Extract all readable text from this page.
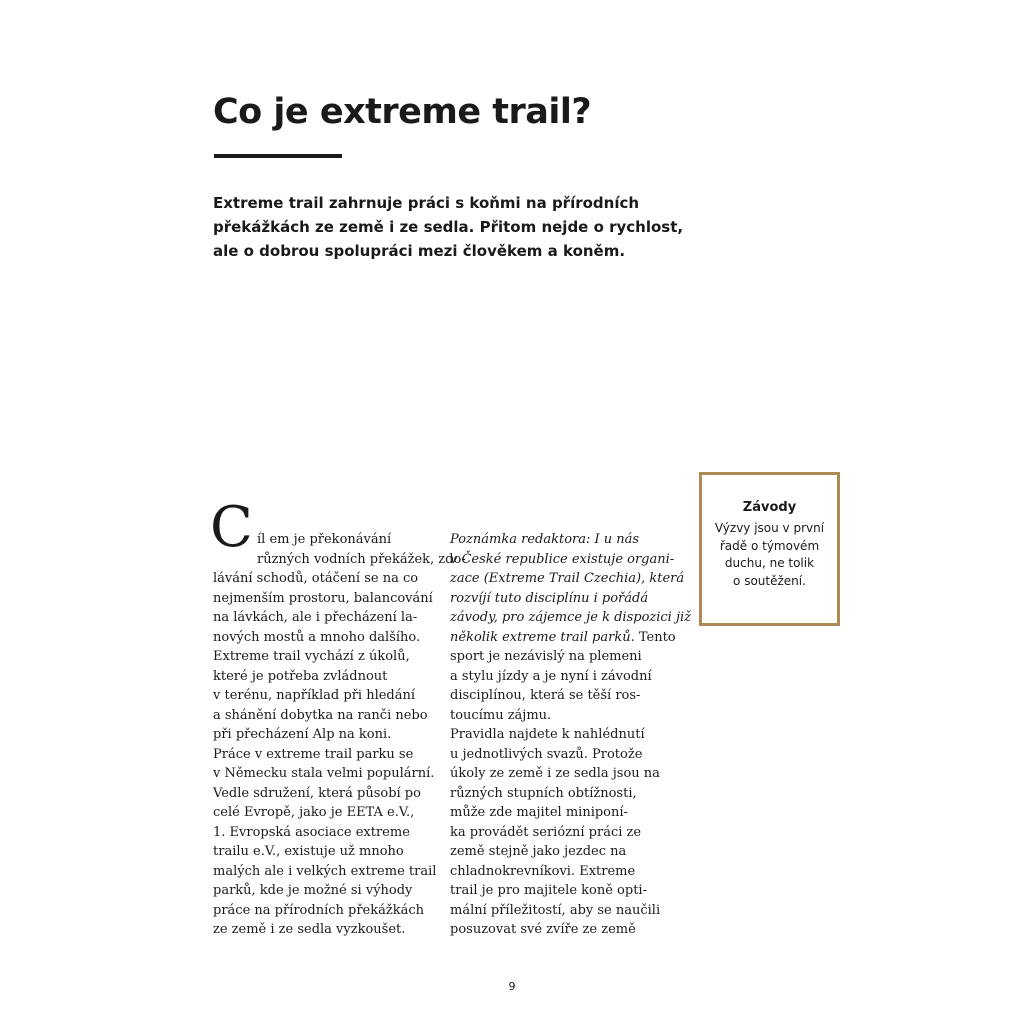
Co je extreme trail?
Extreme trail zahrnuje práci s koňmi na přírodních
překážkách ze země i ze sedla. Přitom nejde o rychlost,
ale o dobrou spolupráci mezi člověkem a koněm.
C íl em je překonávání
různých vodních překážek, zdo-
lávání schodů, otáčení se na co
nejmenším prostoru, balancování
na lávkách, ale i přecházení la-
nových mostů a mnoho dalšího.
Extreme trail vychází z úkolů,
které je potřeba zvládnout
v terénu, například při hledání
a shánění dobytka na ranči nebo
při přecházení Alp na koni.
Práce v extreme trail parku se
v Německu stala velmi populární.
Vedle sdružení, která působí po
celé Evropě, jako je EETA e.V.,
1. Evropská asociace extreme
trailu e.V., existuje už mnoho
malých ale i velkých extreme trail
parků, kde je možné si výhody
práce na přírodních překážkách
ze země i ze sedla vyzkoušet.
Poznámka redaktora: I u nás
v České republice existuje organi-
zace (Extreme Trail Czechia), která
rozvíjí tuto disciplínu i pořádá
závody, pro zájemce je k dispozici již
několik extreme trail parků. Tento
sport je nezávislý na plemeni
a stylu jízdy a je nyní i závodní
disciplínou, která se těší ros-
toucímu zájmu.
Pravidla najdete k nahlédnutí
u jednotlivých svazů. Protože
úkoly ze země i ze sedla jsou na
různých stupních obtížnosti,
může zde majitel miniponí-
ka provádět seriózní práci ze
země stejně jako jezdec na
chladnokrevníkovi. Extreme
trail je pro majitele koně opti-
mální příležitostí, aby se naučili
posuzovat své zvíře ze země
Závody
Výzvy jsou v první
řadě o týmovém
duchu, ne tolik
o soutěžení.
9
